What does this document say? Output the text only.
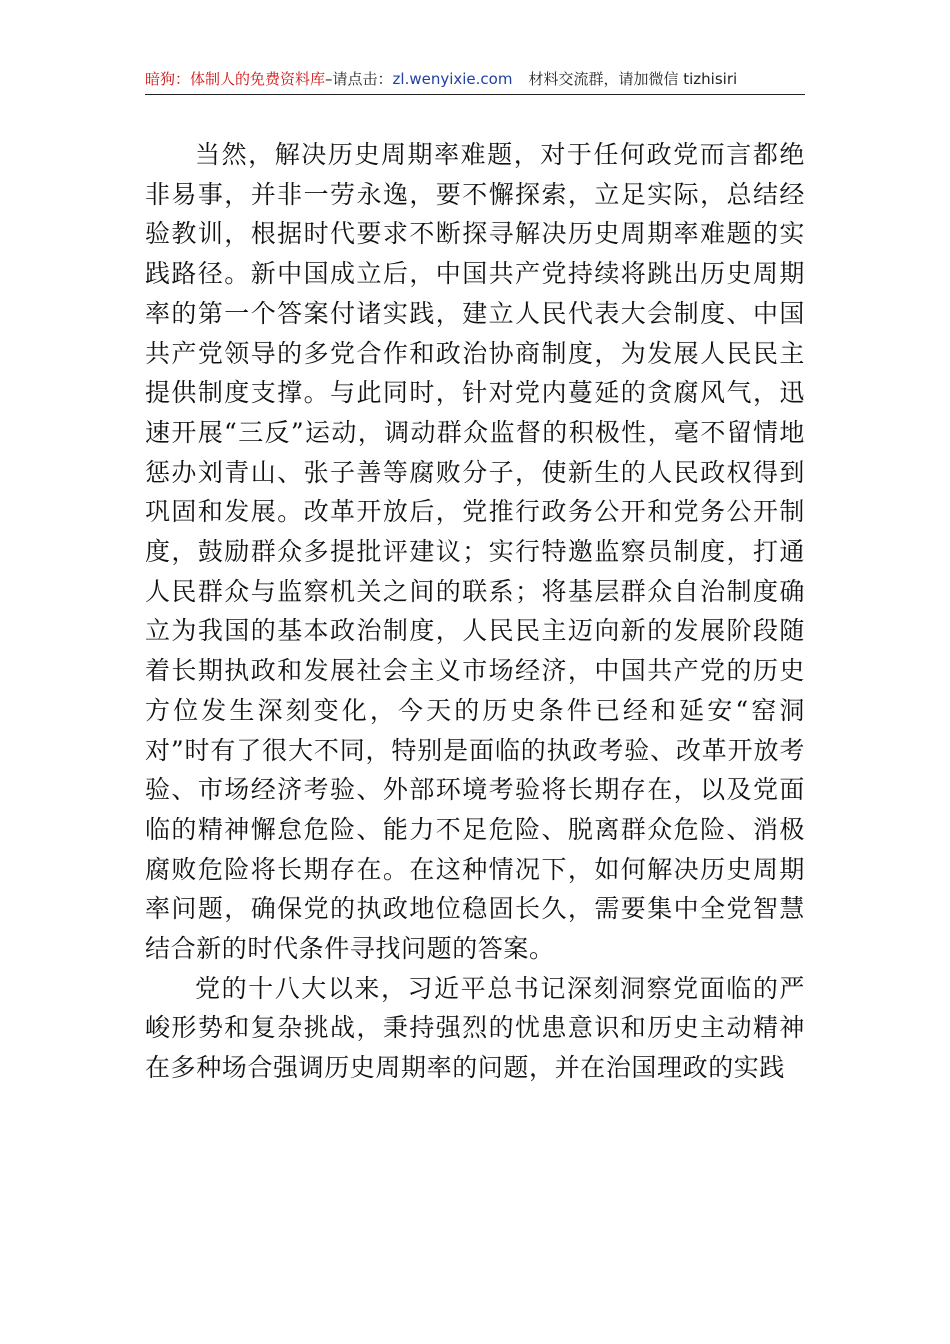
暗狗：体制人的免费资料库–请点击：zl.wenyixie.com 材料交流群，请加微信 tizhisiri

当然，解决历史周期率难题，对于任何政党而言都绝非易事，并非一劳永逸，要不懈探索，立足实际，总结经验教训，根据时代要求不断探寻解决历史周期率难题的实践路径。新中国成立后，中国共产党持续将跳出历史周期率的第一个答案付诸实践，建立人民代表大会制度、中国共产党领导的多党合作和政治协商制度，为发展人民民主提供制度支撑。与此同时，针对党内蔓延的贪腐风气，迅速开展“三反”运动，调动群众监督的积极性，毫不留情地惩办刘青山、张子善等腐败分子，使新生的人民政权得到巩固和发展。改革开放后，党推行政务公开和党务公开制度，鼓励群众多提批评建议；实行特邀监察员制度，打通人民群众与监察机关之间的联系；将基层群众自治制度确立为我国的基本政治制度，人民民主迈向新的发展阶段随着长期执政和发展社会主义市场经济，中国共产党的历史方位发生深刻变化，今天的历史条件已经和延安“窑洞对”时有了很大不同，特别是面临的执政考验、改革开放考验、市场经济考验、外部环境考验将长期存在，以及党面临的精神懈怠危险、能力不足危险、脱离群众危险、消极腐败危险将长期存在。在这种情况下，如何解决历史周期率问题，确保党的执政地位稳固长久，需要集中全党智慧结合新的时代条件寻找问题的答案。

党的十八大以来，习近平总书记深刻洞察党面临的严峻形势和复杂挑战，秉持强烈的忧患意识和历史主动精神在多种场合强调历史周期率的问题，并在治国理政的实践
